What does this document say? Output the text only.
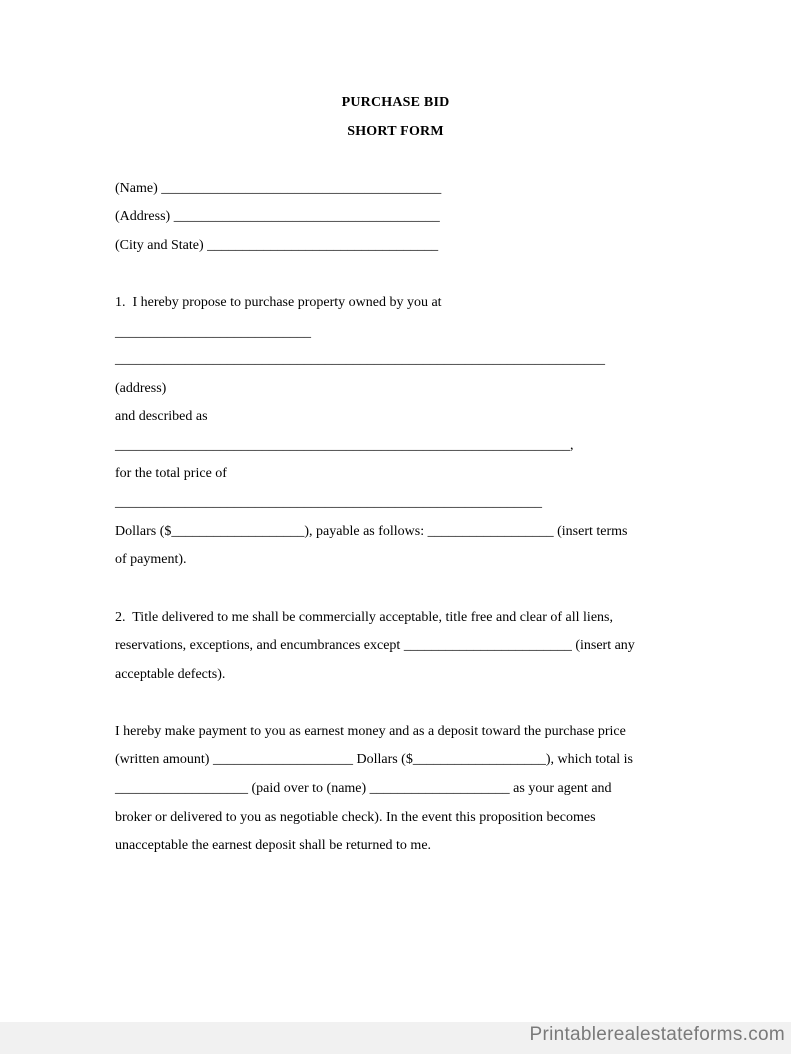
PURCHASE BID
SHORT FORM
(Name) ________________________________________
(Address) ______________________________________
(City and State) _________________________________
1.  I hereby propose to purchase property owned by you at
____________________________
______________________________________________________________________
(address)
and described as
_________________________________________________________________,
for the total price of
_____________________________________________________________
Dollars ($___________________), payable as follows: __________________ (insert terms
of payment).
2.  Title delivered to me shall be commercially acceptable, title free and clear of all liens,
reservations, exceptions, and encumbrances except ________________________ (insert any
acceptable defects).
I hereby make payment to you as earnest money and as a deposit toward the purchase price
(written amount) ____________________ Dollars ($___________________), which total is
___________________ (paid over to (name) ____________________ as your agent and
broker or delivered to you as negotiable check). In the event this proposition becomes
unacceptable the earnest deposit shall be returned to me.
Printablerealestateforms.com
